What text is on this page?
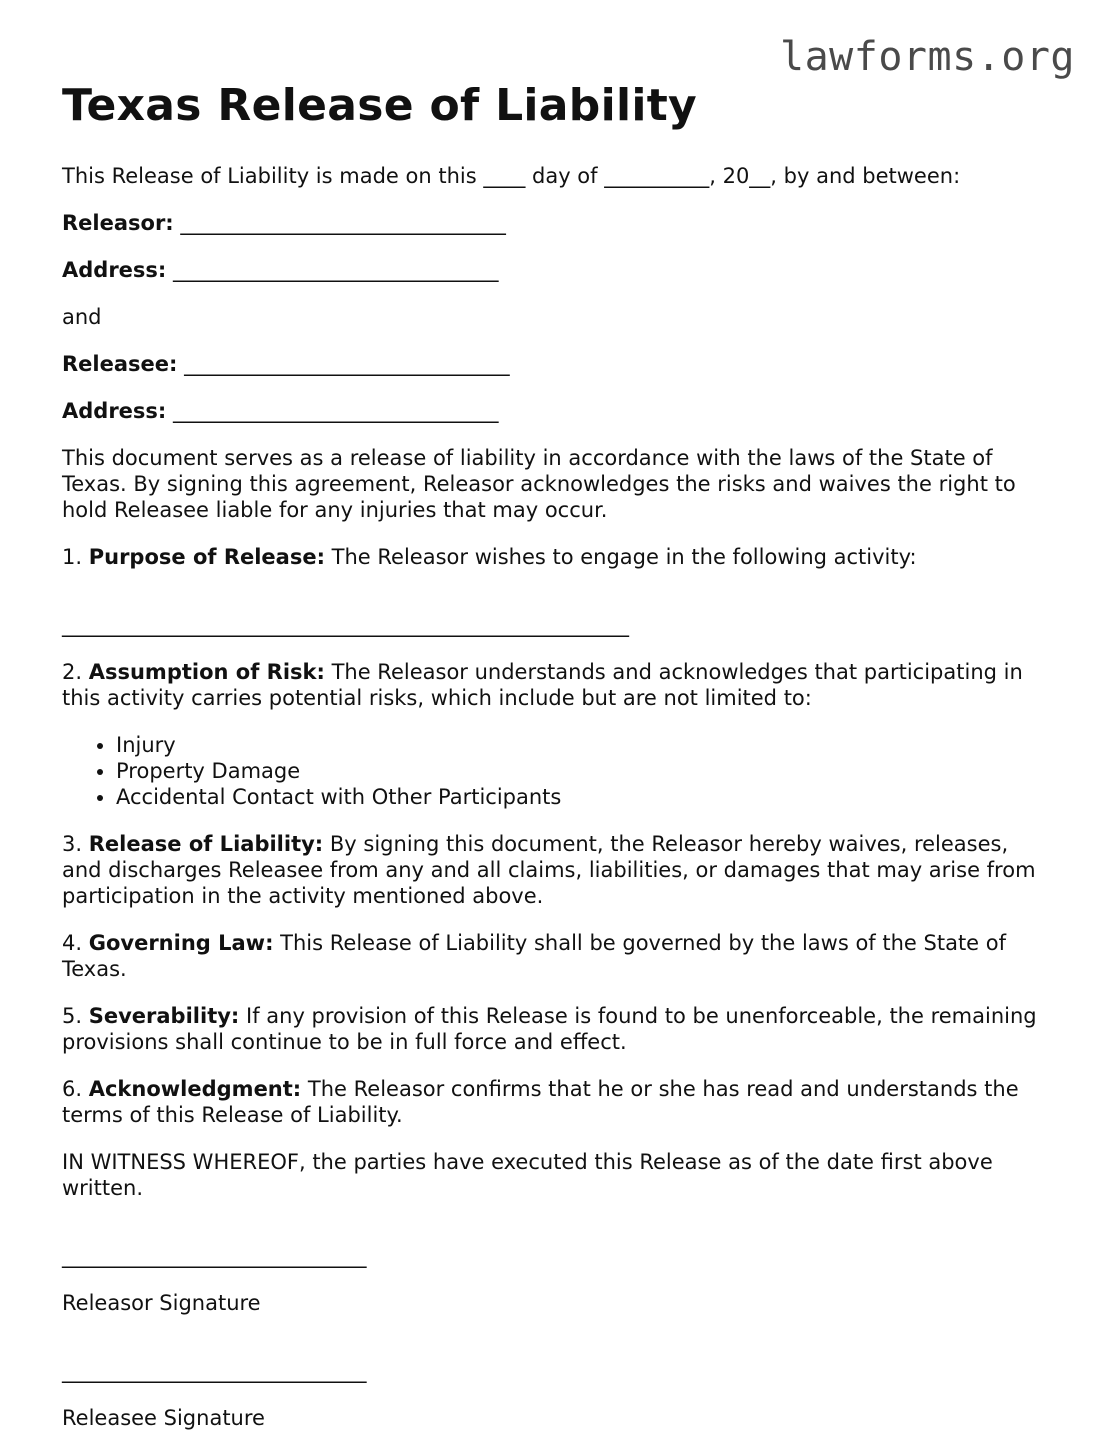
lawforms.org
Texas Release of Liability

This Release of Liability is made on this ____ day of __________, 20__, by and between:

Releasor: _______________________________

Address: _______________________________

and

Releasee: _______________________________

Address: _______________________________

This document serves as a release of liability in accordance with the laws of the State of Texas. By signing this agreement, Releasor acknowledges the risks and waives the right to hold Releasee liable for any injuries that may occur.

1. Purpose of Release: The Releasor wishes to engage in the following activity:

______________________________________________________

2. Assumption of Risk: The Releasor understands and acknowledges that participating in this activity carries potential risks, which include but are not limited to:

• Injury
• Property Damage
• Accidental Contact with Other Participants

3. Release of Liability: By signing this document, the Releasor hereby waives, releases, and discharges Releasee from any and all claims, liabilities, or damages that may arise from participation in the activity mentioned above.

4. Governing Law: This Release of Liability shall be governed by the laws of the State of Texas.

5. Severability: If any provision of this Release is found to be unenforceable, the remaining provisions shall continue to be in full force and effect.

6. Acknowledgment: The Releasor confirms that he or she has read and understands the terms of this Release of Liability.

IN WITNESS WHEREOF, the parties have executed this Release as of the date first above written.

_____________________________

Releasor Signature

_____________________________

Releasee Signature
